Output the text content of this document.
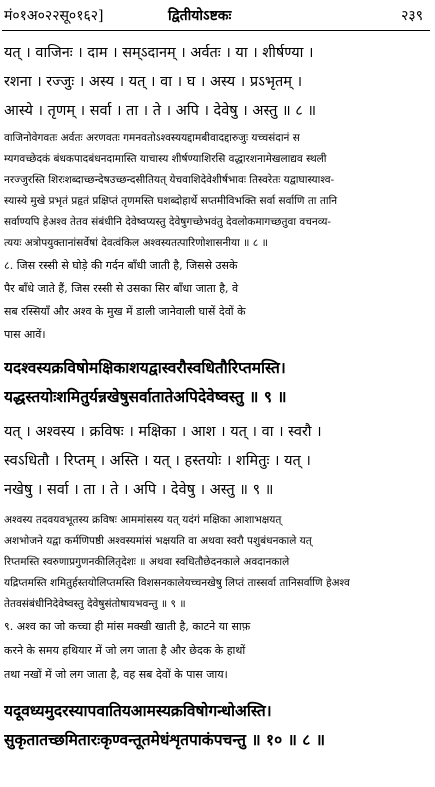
मं०१अ०२२सू०१६२]	द्वितीयोऽष्टकः	२३९
यत् । वाजिनः । दाम । सम्ऽदानम् । अर्वतः । या । शीर्षण्या ।
रशना । रज्जुः । अस्य । यत् । वा । घ । अस्य । प्रऽभृतम् ।
आस्ये । तृणम् । सर्वा । ता । ते । अपि । देवेषु । अस्तु ॥ ८ ॥
वाजिनोवेगवतः अर्वतः अरणवतः गमनवतोऽश्वस्ययद्दामबीवादद्दारुजुः यच्चसंदानं स
म्यगवच्छेदकं बंधकपादबंधनदामास्ति याचास्य शीर्षण्याशिरसि वद्धारशनामेखलाद्यव स्थली
नरज्जुरस्ति शिरःशब्दाच्छन्देषउच्छन्दसीतियत् येचवाशिदेवेशीर्षभावः तिस्वरेतः यद्वाघास्याश्व-
स्यास्ये मुखे प्रभृतं प्रहृतं प्रक्षिप्तं तृणमस्ति घशब्दोहार्थे सप्तमीविभक्ति सर्वा सर्वाणि ता तानि
सर्वाण्यपि हेअश्व तेतव संबंधीनि देवेष्वप्यस्तु देवेषुगच्छेभवंतु देवलोकमागच्छतुवा वचनव्य-
त्ययः अत्रोपयुक्तानांसर्वेषां देवत्वंकिल अश्वस्यतत्पारिणोशासनीया ॥ ८ ॥
८. जिस रस्सी से घोड़े की गर्दन बाँधी जाती है, जिससे उसके
पैर बाँधे जाते हैं, जिस रस्सी से उसका सिर बाँधा जाता है, वे
सब रस्सियाँ और अश्व के मुख में डाली जानेवाली घासें देवों के
पास आवें।
यदश्वस्यक्रविषोमक्षिकाशयद्वास्वरौस्वधितौरिप्तमस्ति।
यद्धस्तयोःशमितुर्यन्नखेषुसर्वातातेअपिदेवेष्वस्तु ॥ ९ ॥
यत् । अश्वस्य । क्रविषः । मक्षिका । आश । यत् । वा । स्वरौ ।
स्वऽधितौ । रिप्तम् । अस्ति । यत् । हस्तयोः । शमितुः । यत् ।
नखेषु । सर्वा । ता । ते । अपि । देवेषु । अस्तु ॥ ९ ॥
अश्वस्य तदवयवभूतस्य क्रविषः आममांसस्य यत् यदंगं मक्षिका आशाभक्षयत्
अशभोजने यद्वा कर्मणिपष्ठी अश्वस्यमांसं भक्षयति वा अथवा स्वरौ पशुबंधनकाले यत्
रिप्तमस्ति स्वरुणाप्रगुणनकीलितृदेशः ॥ अथवा स्वधितौछेदनकाले अवदानकाले
यद्रिप्तमस्ति शमितुर्हस्तयोलिप्तमस्ति विशसनकालेयच्चनखेषु लिप्तं तास्सर्वा तानिसर्वाणि हेअश्व
तेतवसंबंधीनिदेवेष्वस्तु देवेषुसंतोषायभवन्तु ॥ ९ ॥
९. अश्व का जो कच्चा ही मांस मक्खी खाती है, काटने या साफ़
करने के समय हथियार में जो लग जाता है और छेदक के हाथों
तथा नखों में जो लग जाता है, वह सब देवों के पास जाय।
यदूवध्यमुदरस्यापवातियआमस्यक्रविषोगन्धोअस्ति।
सुकृतातच्छमितारःकृण्वन्तूतमेधंशृतपाकंपचन्तु ॥ १० ॥ ८ ॥
